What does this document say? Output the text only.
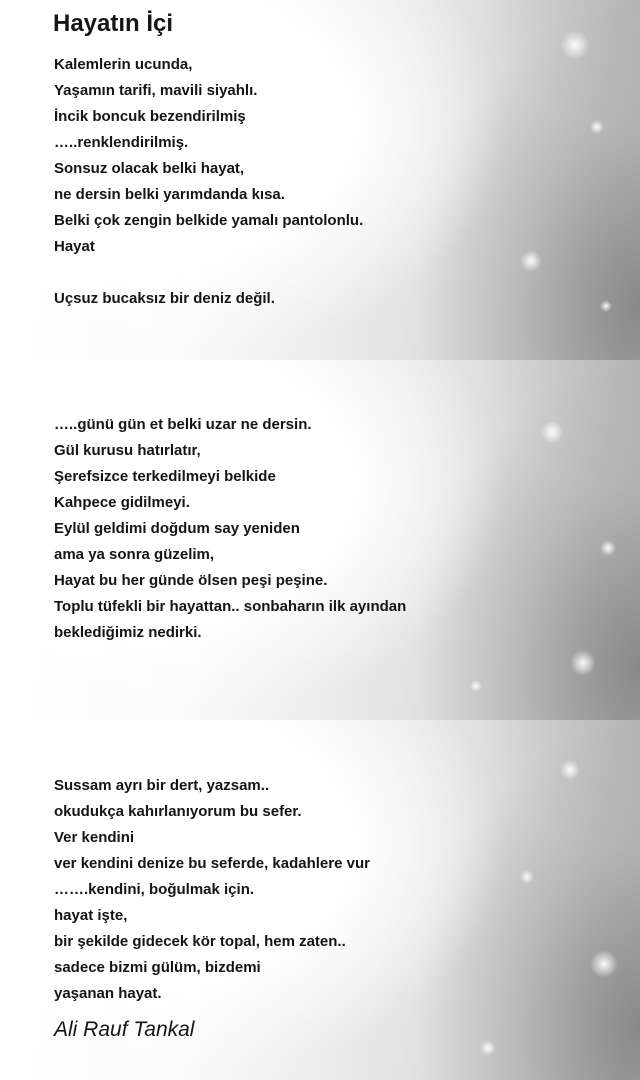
Hayatın İçi
Kalemlerin ucunda,
Yaşamın tarifi, mavili siyahlı.
İncik boncuk bezendirilmiş
…..renklendirilmiş.
Sonsuz olacak belki hayat,
ne dersin belki yarımdanda kısa.
Belki çok zengin belkide yamalı pantolonlu.
Hayat
Uçsuz bucaksız bir deniz değil.
…..günü gün et belki uzar ne dersin.
Gül kurusu hatırlatır,
Şerefsizce terkedilmeyi belkide
Kahpece gidilmeyi.
Eylül geldimi doğdum say yeniden
ama ya sonra güzelim,
Hayat bu her günde ölsen peşi peşine.
Toplu tüfekli bir hayattan.. sonbaharın ilk ayından
beklediğimiz nedirki.
Sussam ayrı bir dert, yazsam..
okudukça kahırlanıyorum bu sefer.
Ver kendini
ver kendini denize bu seferde, kadahlere vur
…….kendini, boğulmak için.
hayat işte,
bir şekilde gidecek kör topal, hem zaten..
sadece bizmi gülüm, bizdemi
yaşanan hayat.
Ali Rauf Tankal
